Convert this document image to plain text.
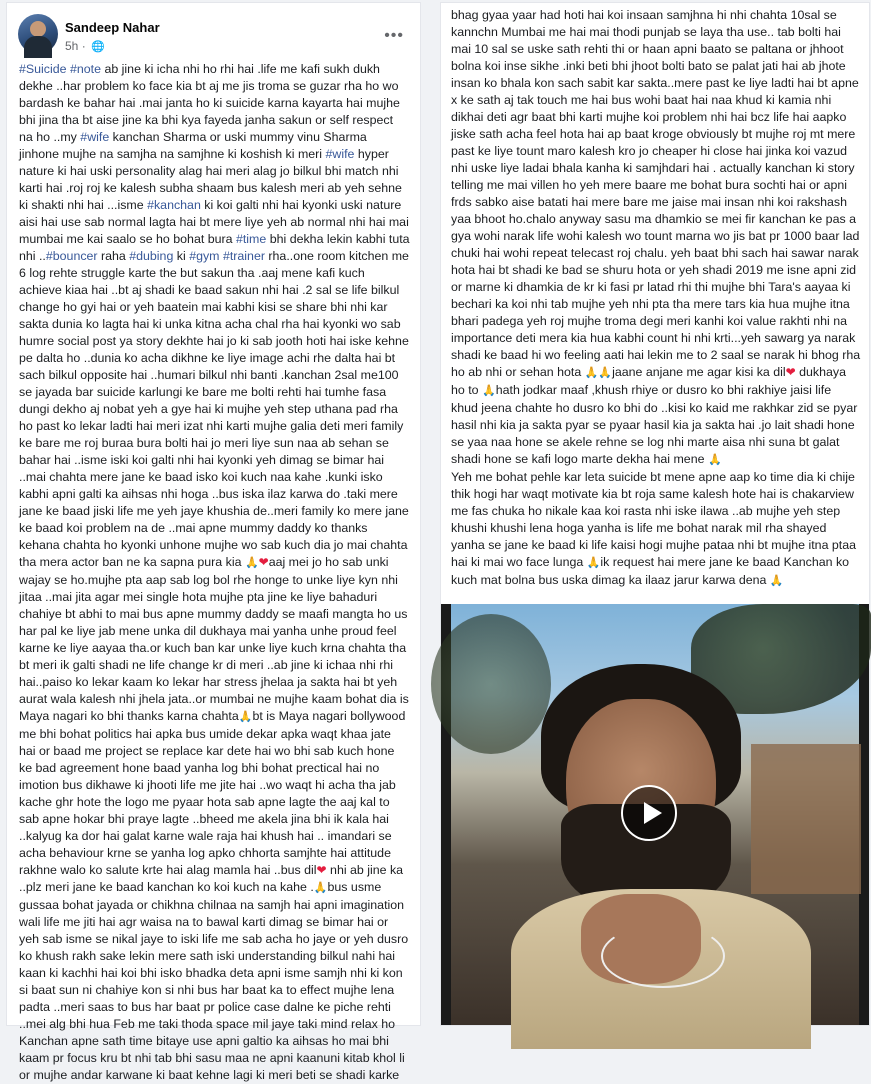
Sandeep Nahar
5h · 🌐
•••

#Suicide #note ab jine ki icha nhi ho rhi hai .life me kafi sukh dukh dekhe ..har problem ko face kia bt aj me jis troma se guzar rha ho wo bardash ke bahar hai .mai janta ho ki suicide karna kayarta hai mujhe bhi jina tha bt aise jine ka bhi kya fayeda janha sakun or self respect na ho ..my #wife kanchan Sharma or uski mummy vinu Sharma jinhone mujhe na samjha na samjhne ki koshish ki meri #wife hyper nature ki hai uski personality alag hai meri alag jo bilkul bhi match nhi karti hai .roj roj ke kalesh subha shaam bus kalesh meri ab yeh sehne ki shakti nhi hai ...isme #kanchan ki koi galti nhi hai kyonki uski nature aisi hai use sab normal lagta hai bt mere liye yeh ab normal nhi hai mai mumbai me kai saalo se ho bohat bura #time bhi dekha lekin kabhi tuta nhi ..#bouncer raha #dubing ki #gym #trainer rha..one room kitchen me 6 log rehte struggle karte the but sakun tha .aaj mene kafi kuch achieve kiaa hai ..bt aj shadi ke baad sakun nhi hai .2 sal se life bilkul change ho gyi hai or yeh baatein mai kabhi kisi se share bhi nhi kar sakta dunia ko lagta hai ki unka kitna acha chal rha hai kyonki wo sab humre social post ya story dekhte hai jo ki sab jooth hoti hai iske kehne pe dalta ho ..dunia ko acha dikhne ke liye image achi rhe dalta hai bt sach bilkul opposite hai ..humari bilkul nhi banti .kanchan 2sal me100 se jayada bar suicide karlungi ke bare me bolti rehti hai tumhe fasa dungi dekho aj nobat yeh a gye hai ki mujhe yeh step uthana pad rha ho past ko lekar ladti hai meri izat nhi karti mujhe galia deti meri family ke bare me roj buraa bura bolti hai jo meri liye sun naa ab sehan se bahar hai ..isme iski koi galti nhi hai kyonki yeh dimag se bimar hai ..mai chahta mere jane ke baad isko koi kuch naa kahe .kunki isko kabhi apni galti ka aihsas nhi hoga ..bus iska ilaz karwa do .taki mere jane ke baad jiski life me yeh jaye khushia de..meri family ko mere jane ke baad koi problem na de ..mai apne mummy daddy ko thanks kehana chahta ho kyonki unhone mujhe wo sab kuch dia jo mai chahta tha mera actor ban ne ka sapna pura kia 🙏❤aaj mei jo ho sab unki wajay se ho.mujhe pta aap sab log bol rhe honge to unke liye kyn nhi jitaa ..mai jita agar mei single hota mujhe pta jine ke liye bahaduri chahiye bt abhi to mai bus apne mummy daddy se maafi mangta ho us har pal ke liye jab mene unka dil dukhaya mai yanha unhe proud feel karne ke liye aayaa tha.or kuch ban kar unke liye kuch krna chahta tha bt meri ik galti shadi ne life change kr di meri ..ab jine ki ichaa nhi rhi hai..paiso ko lekar kaam ko lekar har stress jhelaa ja sakta hai bt yeh aurat wala kalesh nhi jhela jata..or mumbai ne mujhe kaam bohat dia is Maya nagari ko bhi thanks karna chahta🙏bt is Maya nagari bollywood me bhi bohat politics hai apka bus umide dekar apka waqt khaa jate hai or baad me project se replace kar dete hai wo bhi sab kuch hone ke bad agreement hone baad yanha log bhi bohat prectical hai no imotion bus dikhawe ki jhooti life me jite hai ..wo waqt hi acha tha jab kache ghr hote the logo me pyaar hota sab apne lagte the aaj kal to sab apne hokar bhi praye lagte ..bheed me akela jina bhi ik kala hai ..kalyug ka dor hai galat karne wale raja hai khush hai .. imandari se acha behaviour krne se yanha log apko chhorta samjhte hai attitude rakhne walo ko salute krte hai alag mamla hai ..bus dil❤ nhi ab jine ka ..plz meri jane ke baad kanchan ko koi kuch na kahe .🙏bus usme gussaa bohat jayada or chikhna chilnaa na samjh hai apni imagination wali life me jiti hai agr waisa na to bawal karti dimag se bimar hai or yeh sab isme se nikal jaye to iski life me sab acha ho jaye or yeh dusro ko khush rakh sake lekin mere sath iski understanding bilkul nahi hai kaan ki kachhi hai koi bhi isko bhadka deta apni isme samjh nhi ki kon si baat sun ni chahiye kon si nhi bus har baat ka to effect mujhe lena padta ..meri saas to bus har baat pr police case dalne ke piche rehti ..mei alg bhi hua Feb me taki thoda space mil jaye taki mind relax ho Kanchan apne sath time bitaye use apni galtio ka aihsas ho mai bhi kaam pr focus kru bt nhi tab bhi sasu maa ne apni kaanuni kitab khol li or mujhe andar karwane ki baat kehne lagi ki meri beti se shadi karke

bhag gyaa yaar had hoti hai koi insaan samjhna hi nhi chahta 10sal se kannchn Mumbai me hai mai thodi punjab se laya tha use.. tab bolti hai mai 10 sal se uske sath rehti thi or haan apni baato se paltana or jhhoot bolna koi inse sikhe .inki beti bhi jhoot bolti bato se palat jati hai ab jhote insan ko bhala kon sach sabit kar sakta..mere past ke liye ladti hai bt apne x ke sath aj tak touch me hai bus wohi baat hai naa khud ki kamia nhi dikhai deti agr baat bhi karti mujhe koi problem nhi hai bcz life hai aapko jiske sath acha feel hota hai ap baat kroge obviously bt mujhe roj mt mere past ke liye tount maro kalesh kro jo cheaper hi close hai jinka koi vazud nhi uske liye ladai bhala kanha ki samjhdari hai . actually kanchan ki story telling me mai villen ho yeh mere baare me bohat bura sochti hai or apni frds sabko aise batati hai mere bare me jaise mai insan nhi koi rakshash yaa bhoot ho.chalo anyway sasu ma dhamkio se mei fir kanchan ke pas a gya wohi narak life wohi kalesh wo tount marna wo jis bat pr 1000 baar lad chuki hai wohi repeat telecast roj chalu. yeh baat bhi sach hai sawar narak hota hai bt shadi ke bad se shuru hota or yeh shadi 2019 me isne apni zid or marne ki dhamkia de kr ki fasi pr latad rhi thi mujhe bhi Tara's aayaa ki bechari ka koi nhi tab mujhe yeh nhi pta tha mere tars kia hua mujhe itna bhari padega yeh roj mujhe troma degi meri kanhi koi value rakhti nhi na importance deti mera kia hua kabhi count hi nhi krti...yeh sawarg ya narak shadi ke baad hi wo feeling aati hai lekin me to 2 saal se narak hi bhog rha ho ab nhi or sehan hota 🙏🙏jaane anjane me agar kisi ka dil❤ dukhaya ho to 🙏hath jodkar maaf ,khush rhiye or dusro ko bhi rakhiye jaisi life khud jeena chahte ho dusro ko bhi do ..kisi ko kaid me rakhkar zid se pyar hasil nhi kia ja sakta pyar se pyaar hasil kia ja sakta hai .jo lait shadi hone se yaa naa hone se akele rehne se log nhi marte aisa nhi suna bt galat shadi hone se kafi logo marte dekha hai mene 🙏
Yeh me bohat pehle kar leta suicide bt mene apne aap ko time dia ki chije thik hogi har waqt motivate kia bt roja same kalesh hote hai is chakarview me fas chuka ho nikale kaa koi rasta nhi iske ilawa ..ab mujhe yeh step khushi khushi lena hoga yanha is life me bohat narak mil rha shayed yanha se jane ke baad ki life kaisi hogi mujhe pataa nhi bt mujhe itna ptaa hai ki mai wo face lunga 🙏ik request hai mere jane ke baad Kanchan ko kuch mat bolna bus uska dimag ka ilaaz jarur karwa dena 🙏
